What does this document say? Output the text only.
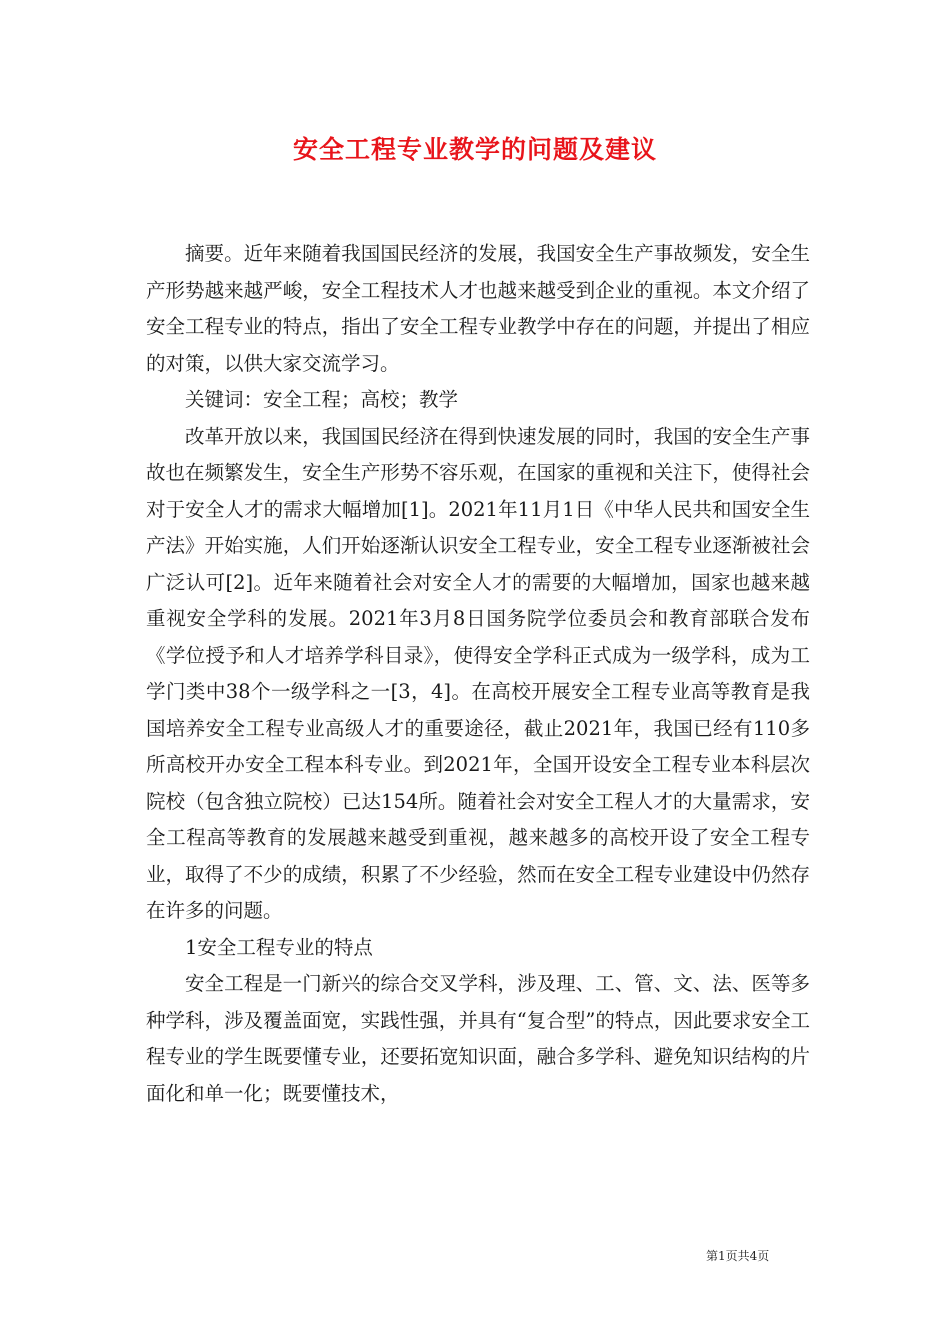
安全工程专业教学的问题及建议

摘要。近年来随着我国国民经济的发展，我国安全生产事故频发，安全生产形势越来越严峻，安全工程技术人才也越来越受到企业的重视。本文介绍了安全工程专业的特点，指出了安全工程专业教学中存在的问题，并提出了相应的对策，以供大家交流学习。

关键词：安全工程；高校；教学

改革开放以来，我国国民经济在得到快速发展的同时，我国的安全生产事故也在频繁发生，安全生产形势不容乐观，在国家的重视和关注下，使得社会对于安全人才的需求大幅增加[1]。2021年11月1日《中华人民共和国安全生产法》开始实施，人们开始逐渐认识安全工程专业，安全工程专业逐渐被社会广泛认可[2]。近年来随着社会对安全人才的需要的大幅增加，国家也越来越重视安全学科的发展。2021年3月8日国务院学位委员会和教育部联合发布《学位授予和人才培养学科目录》，使得安全学科正式成为一级学科，成为工学门类中38个一级学科之一[3，4]。在高校开展安全工程专业高等教育是我国培养安全工程专业高级人才的重要途径，截止2021年，我国已经有110多所高校开办安全工程本科专业。到2021年，全国开设安全工程专业本科层次院校（包含独立院校）已达154所。随着社会对安全工程人才的大量需求，安全工程高等教育的发展越来越受到重视，越来越多的高校开设了安全工程专业，取得了不少的成绩，积累了不少经验，然而在安全工程专业建设中仍然存在许多的问题。

1安全工程专业的特点

安全工程是一门新兴的综合交叉学科，涉及理、工、管、文、法、医等多种学科，涉及覆盖面宽，实践性强，并具有“复合型”的特点，因此要求安全工程专业的学生既要懂专业，还要拓宽知识面，融合多学科、避免知识结构的片面化和单一化；既要懂技术，

第1页共4页
